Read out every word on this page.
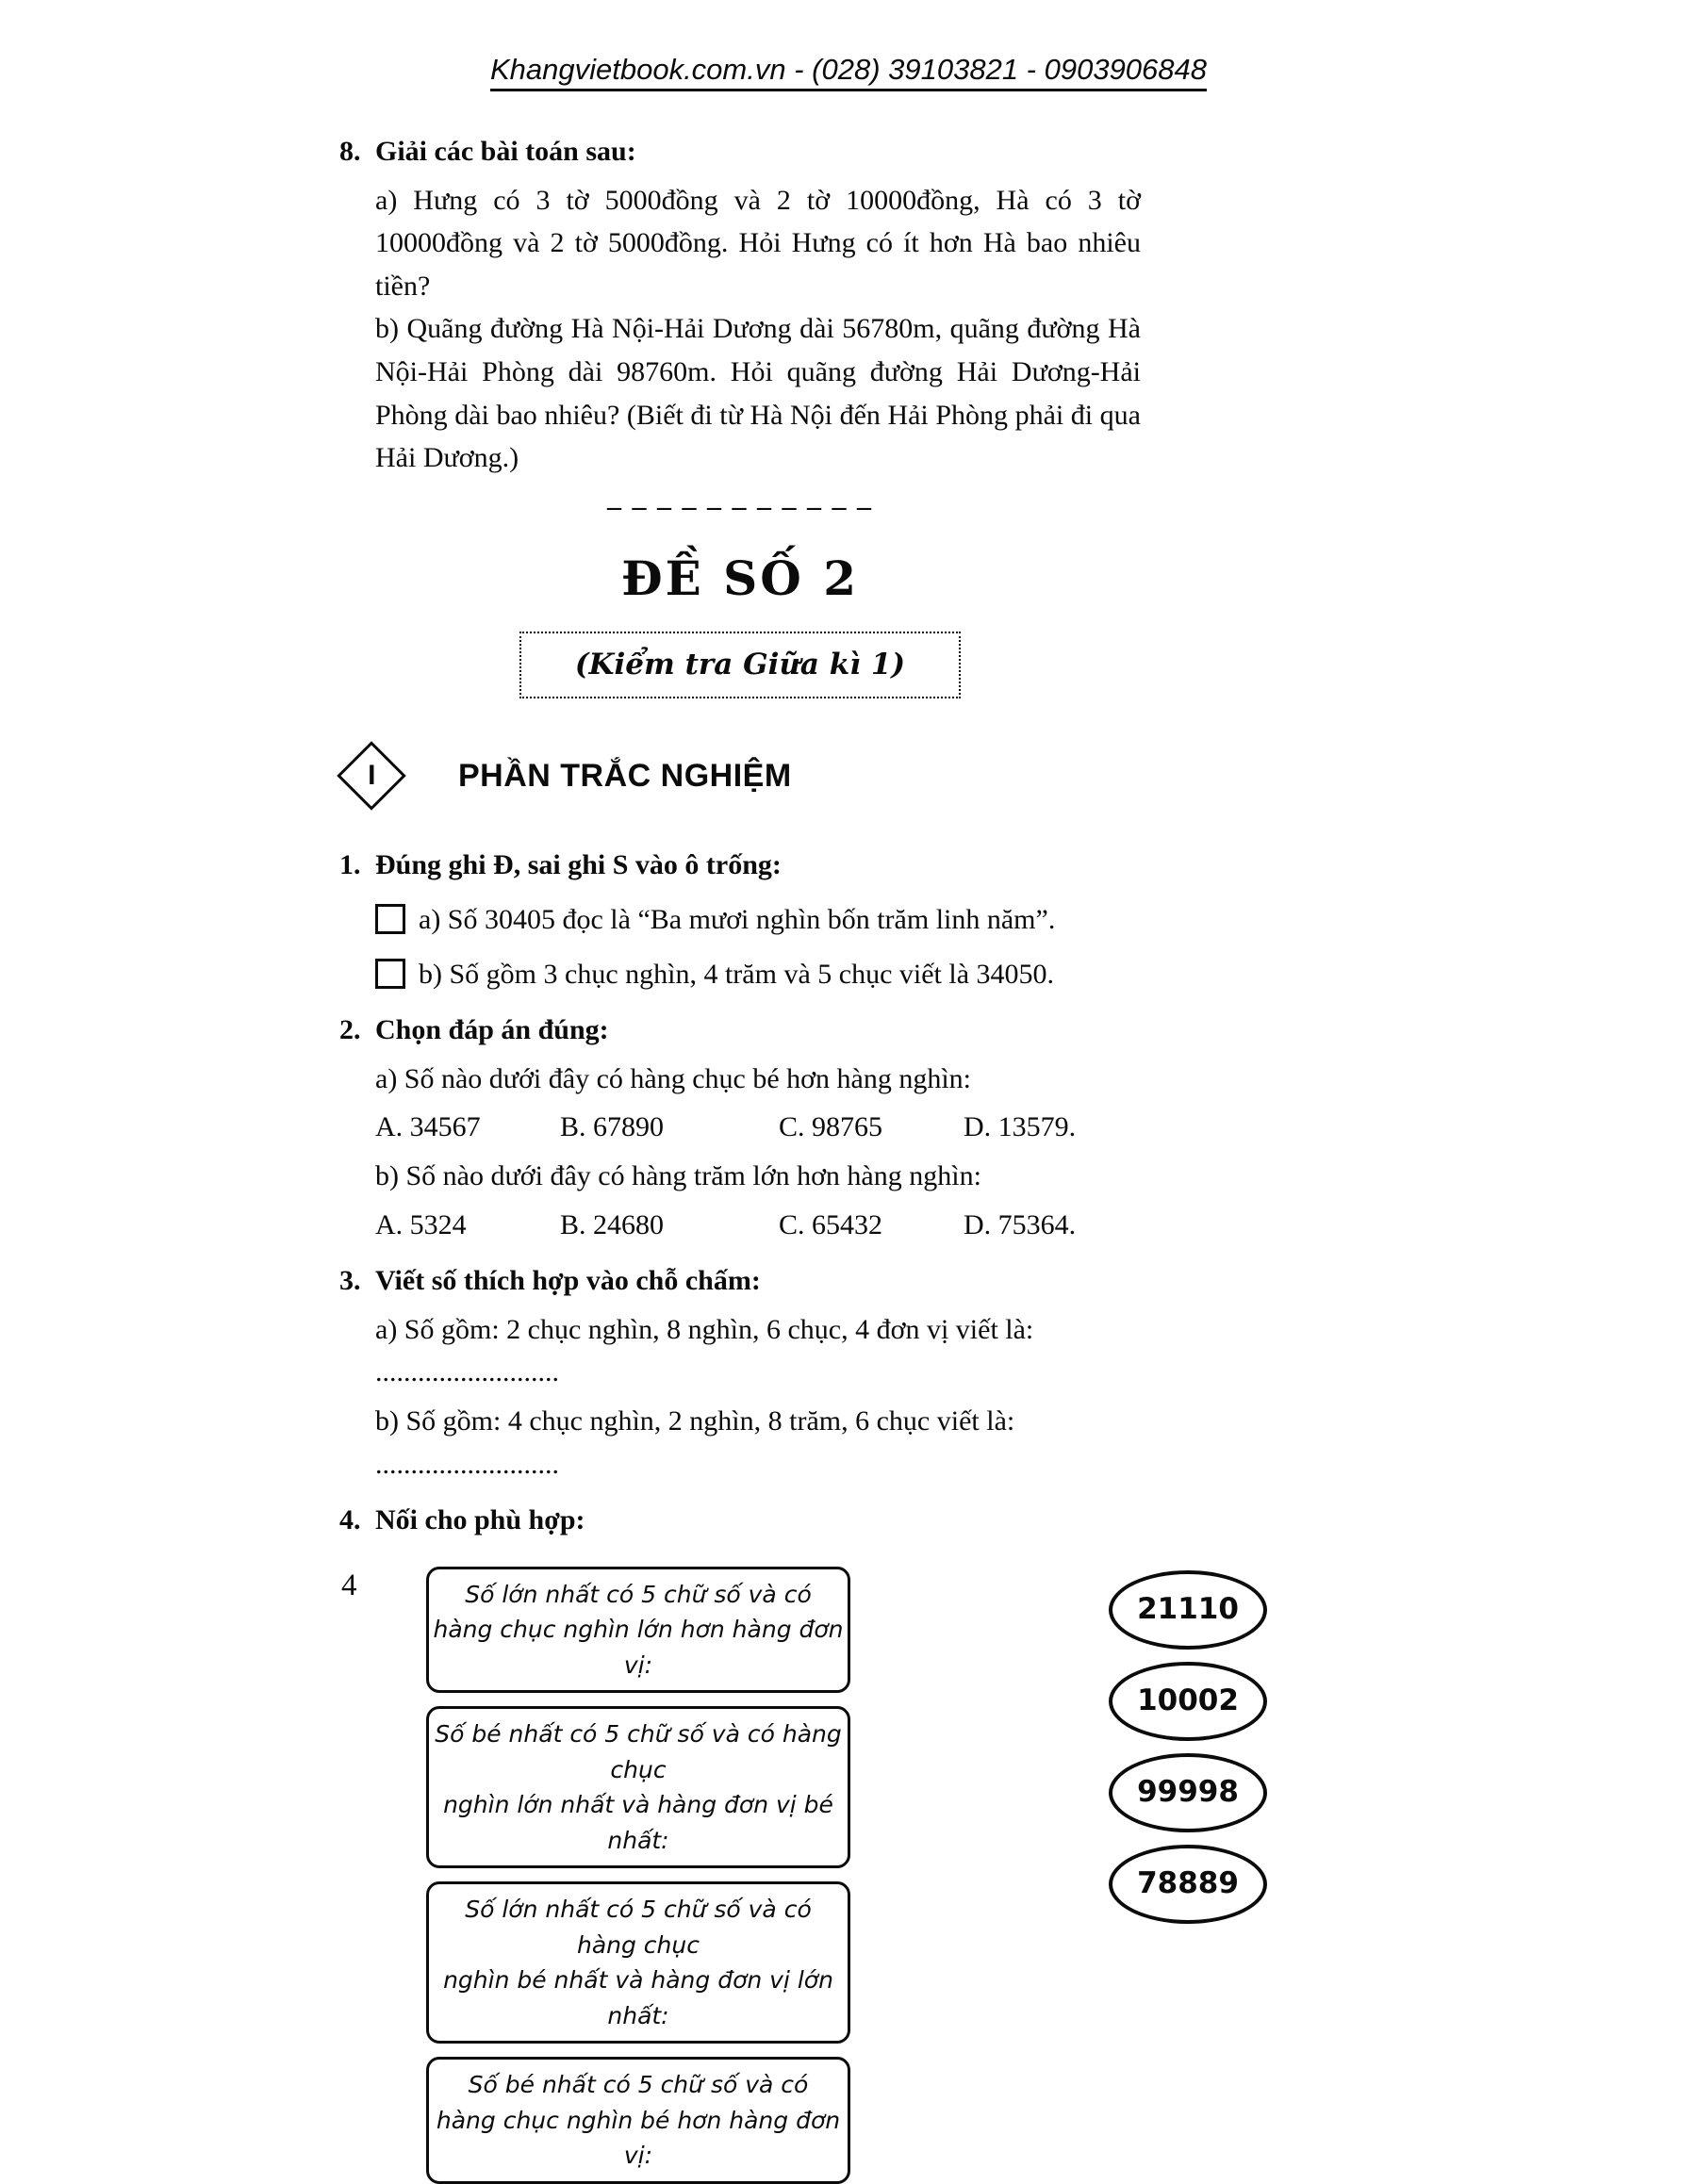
Khangvietbook.com.vn - (028) 39103821 - 0903906848
8. Giải các bài toán sau:

a) Hưng có 3 tờ 5000đồng và 2 tờ 10000đồng, Hà có 3 tờ 10000đồng và 2 tờ 5000đồng. Hỏi Hưng có ít hơn Hà bao nhiêu tiền?

b) Quãng đường Hà Nội-Hải Dương dài 56780m, quãng đường Hà Nội-Hải Phòng dài 98760m. Hỏi quãng đường Hải Dương-Hải Phòng dài bao nhiêu? (Biết đi từ Hà Nội đến Hải Phòng phải đi qua Hải Dương.)

– – – – – – – – – – –
ĐỀ SỐ 2
(Kiểm tra Giữa kì 1)
I	PHẦN TRẮC NGHIỆM
1. Đúng ghi Đ, sai ghi S vào ô trống:
a) Số 30405 đọc là “Ba mươi nghìn bốn trăm linh năm”.
b) Số gồm 3 chục nghìn, 4 trăm và 5 chục viết là 34050.
2. Chọn đáp án đúng:
a) Số nào dưới đây có hàng chục bé hơn hàng nghìn:
A. 34567	B. 67890	C. 98765	D. 13579.
b) Số nào dưới đây có hàng trăm lớn hơn hàng nghìn:
A. 5324	B. 24680	C. 65432	D. 75364.
3. Viết số thích hợp vào chỗ chấm:
a) Số gồm: 2 chục nghìn, 8 nghìn, 6 chục, 4 đơn vị viết là: ..........................
b) Số gồm: 4 chục nghìn, 2 nghìn, 8 trăm, 6 chục viết là: ..........................
4. Nối cho phù hợp:
Số lớn nhất có 5 chữ số và có
hàng chục nghìn lớn hơn hàng đơn vị:
Số bé nhất có 5 chữ số và có hàng chục
nghìn lớn nhất và hàng đơn vị bé nhất:
Số lớn nhất có 5 chữ số và có hàng chục
nghìn bé nhất và hàng đơn vị lớn nhất:
Số bé nhất có 5 chữ số và có
hàng chục nghìn bé hơn hàng đơn vị:
21110
10002
99998
78889
4
